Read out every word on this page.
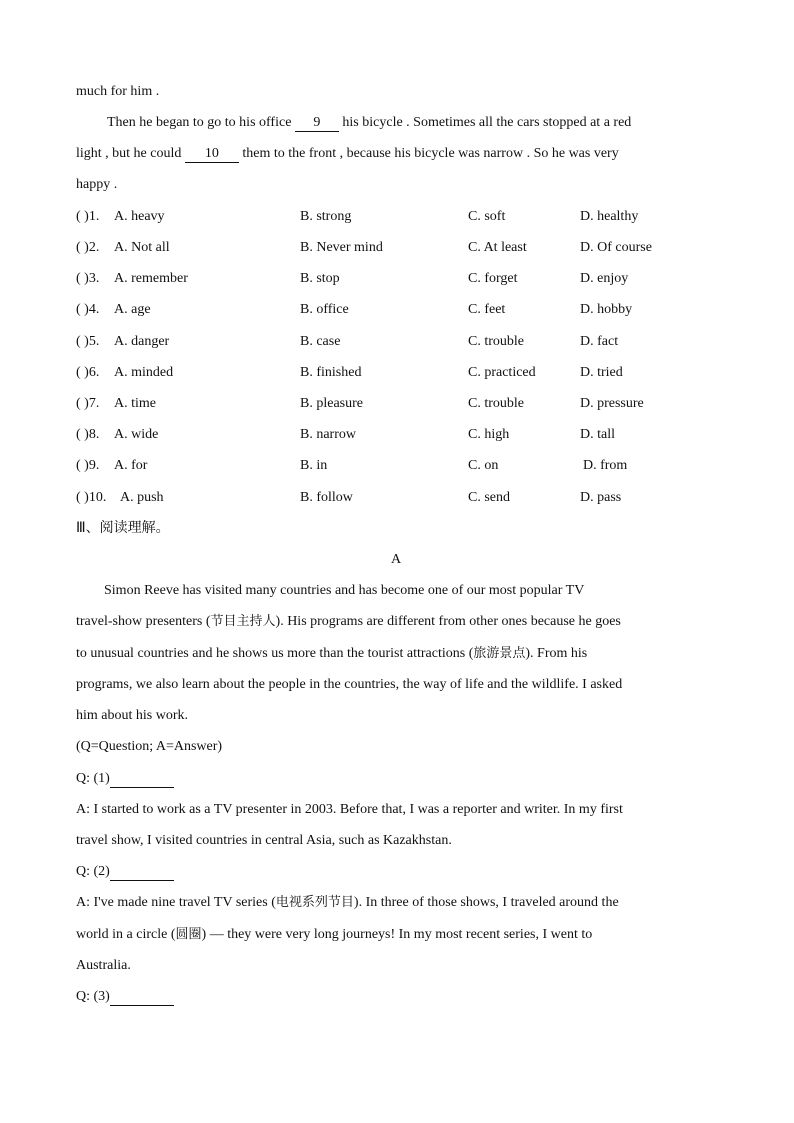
much for him .
Then he began to go to his office 9 his bicycle . Sometimes all the cars stopped at a red
light , but he could 10 them to the front , because his bicycle was narrow . So he was very
happy .
( )1. A. heavy	B. strong	C. soft	D. healthy
( )2. A. Not all	B. Never mind	C. At least	D. Of course
( )3. A. remember	B. stop	C. forget	D. enjoy
( )4. A. age	B. office	C. feet	D. hobby
( )5. A. danger	B. case	C. trouble	D. fact
( )6. A. minded	B. finished	C. practiced	D. tried
( )7. A. time	B. pleasure	C. trouble	D. pressure
( )8. A. wide	B. narrow	C. high	D. tall
( )9. A. for	B. in	C. on	D. from
( )10. A. push	B. follow	C. send	D. pass
Ⅲ、阅读理解。
A
Simon Reeve has visited many countries and has become one of our most popular TV
travel-show presenters (节目主持人). His programs are different from other ones because he goes
to unusual countries and he shows us more than the tourist attractions (旅游景点). From his
programs, we also learn about the people in the countries, the way of life and the wildlife. I asked
him about his work.
(Q=Question; A=Answer)
Q: (1)
A: I started to work as a TV presenter in 2003. Before that, I was a reporter and writer. In my first
travel show, I visited countries in central Asia, such as Kazakhstan.
Q: (2)
A: I've made nine travel TV series (电视系列节目). In three of those shows, I traveled around the
world in a circle (圆圈) — they were very long journeys! In my most recent series, I went to
Australia.
Q: (3)
